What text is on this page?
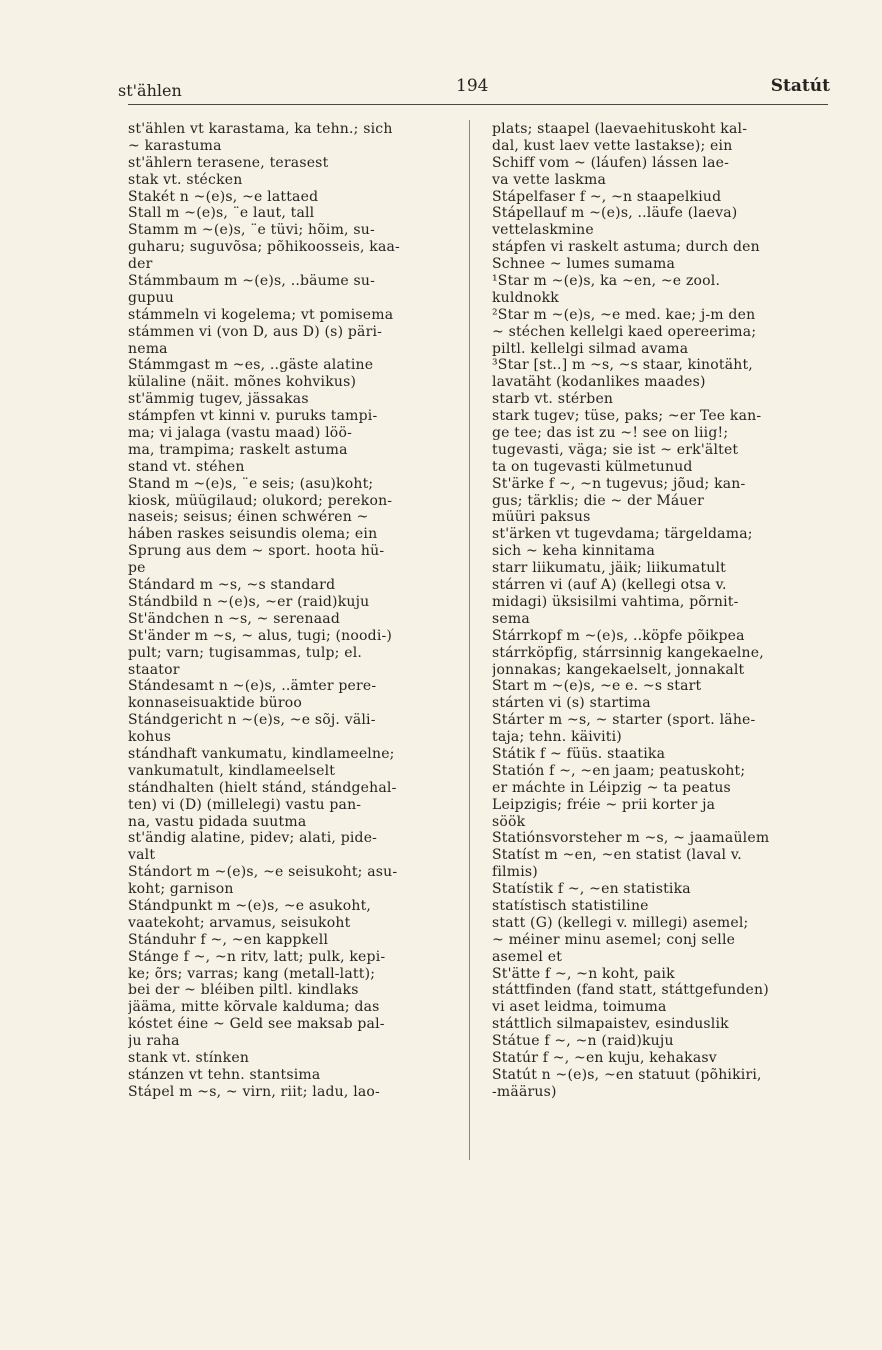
st'ählen	194	Statút
st'ählen vt karastama, ka tehn.; sich
~ karastuma
st'ählern terasene, terasest
stak vt. stécken
Stakét n ~(e)s, ~e lattaed
Stall m ~(e)s, ¨e laut, tall
Stamm m ~(e)s, ¨e tüvi; hõim, su-
guharu; suguvõsa; põhikoosseis, kaa-
der
Stámmbaum m ~(e)s, ..bäume su-
gupuu
stámmeln vi kogelema; vt pomisema
stámmen vi (von D, aus D) (s) päri-
nema
Stámmgast m ~es, ..gäste alatine
külaline (näit. mõnes kohvikus)
st'ämmig tugev, jässakas
stámpfen vt kinni v. puruks tampi-
ma; vi jalaga (vastu maad) löö-
ma, trampima; raskelt astuma
stand vt. stéhen
Stand m ~(e)s, ¨e seis; (asu)koht;
kiosk, müügilaud; olukord; perekon-
naseis; seisus; éinen schwéren ~
háben raskes seisundis olema; ein
Sprung aus dem ~ sport. hoota hü-
pe
Stándard m ~s, ~s standard
Stándbild n ~(e)s, ~er (raid)kuju
St'ändchen n ~s, ~ serenaad
St'änder m ~s, ~ alus, tugi; (noodi-)
pult; varn; tugisammas, tulp; el.
staator
Stándesamt n ~(e)s, ..ämter pere-
konnaseisuaktide büroo
Stándgericht n ~(e)s, ~e sõj. väli-
kohus
stándhaft vankumatu, kindlameelne;
vankumatult, kindlameelselt
stándhalten (hielt stánd, stándgehal-
ten) vi (D) (millelegi) vastu pan-
na, vastu pidada suutma
st'ändig alatine, pidev; alati, pide-
valt
Stándort m ~(e)s, ~e seisukoht; asu-
koht; garnison
Stándpunkt m ~(e)s, ~e asukoht,
vaatekoht; arvamus, seisukoht
Stánduhr f ~, ~en kappkell
Stánge f ~, ~n ritv, latt; pulk, kepi-
ke; õrs; varras; kang (metall-latt);
bei der ~ bléiben piltl. kindlaks
jääma, mitte kõrvale kalduma; das
kóstet éine ~ Geld see maksab pal-
ju raha
stank vt. stínken
stánzen vt tehn. stantsima
Stápel m ~s, ~ virn, riit; ladu, lao-
plats; staapel (laevaehituskoht kal-
dal, kust laev vette lastakse); ein
Schiff vom ~ (láufen) lássen lae-
va vette laskma
Stápelfaser f ~, ~n staapelkiud
Stápellauf m ~(e)s, ..läufe (laeva)
vettelaskmine
stápfen vi raskelt astuma; durch den
Schnee ~ lumes sumama
¹Star m ~(e)s, ka ~en, ~e zool.
kuldnokk
²Star m ~(e)s, ~e med. kae; j-m den
~ stéchen kellelgi kaed opereerima;
piltl. kellelgi silmad avama
³Star [st..] m ~s, ~s staar, kinotäht,
lavatäht (kodanlikes maades)
starb vt. stérben
stark tugev; tüse, paks; ~er Tee kan-
ge tee; das ist zu ~! see on liig!;
tugevasti, väga; sie ist ~ erk'ältet
ta on tugevasti külmetunud
St'ärke f ~, ~n tugevus; jõud; kan-
gus; tärklis; die ~ der Máuer
müüri paksus
st'ärken vt tugevdama; tärgeldama;
sich ~ keha kinnitama
starr liikumatu, jäik; liikumatult
stárren vi (auf A) (kellegi otsa v.
midagi) üksisilmi vahtima, põrnit-
sema
Stárrkopf m ~(e)s, ..köpfe põikpea
stárrköpfig, stárrsinnig kangekaelne,
jonnakas; kangekaelselt, jonnakalt
Start m ~(e)s, ~e e. ~s start
stárten vi (s) startima
Stárter m ~s, ~ starter (sport. lähe-
taja; tehn. käiviti)
Státik f ~ füüs. staatika
Statión f ~, ~en jaam; peatuskoht;
er máchte in Léipzig ~ ta peatus
Leipzigis; fréie ~ prii korter ja
söök
Statiónsvorsteher m ~s, ~ jaamaülem
Statíst m ~en, ~en statist (laval v.
filmis)
Statístik f ~, ~en statistika
statístisch statistiline
statt (G) (kellegi v. millegi) asemel;
~ méiner minu asemel; conj selle
asemel et
St'ätte f ~, ~n koht, paik
státtfinden (fand statt, státtgefunden)
vi aset leidma, toimuma
státtlich silmapaistev, esinduslik
Státue f ~, ~n (raid)kuju
Statúr f ~, ~en kuju, kehakasv
Statút n ~(e)s, ~en statuut (põhikiri,
-määrus)
